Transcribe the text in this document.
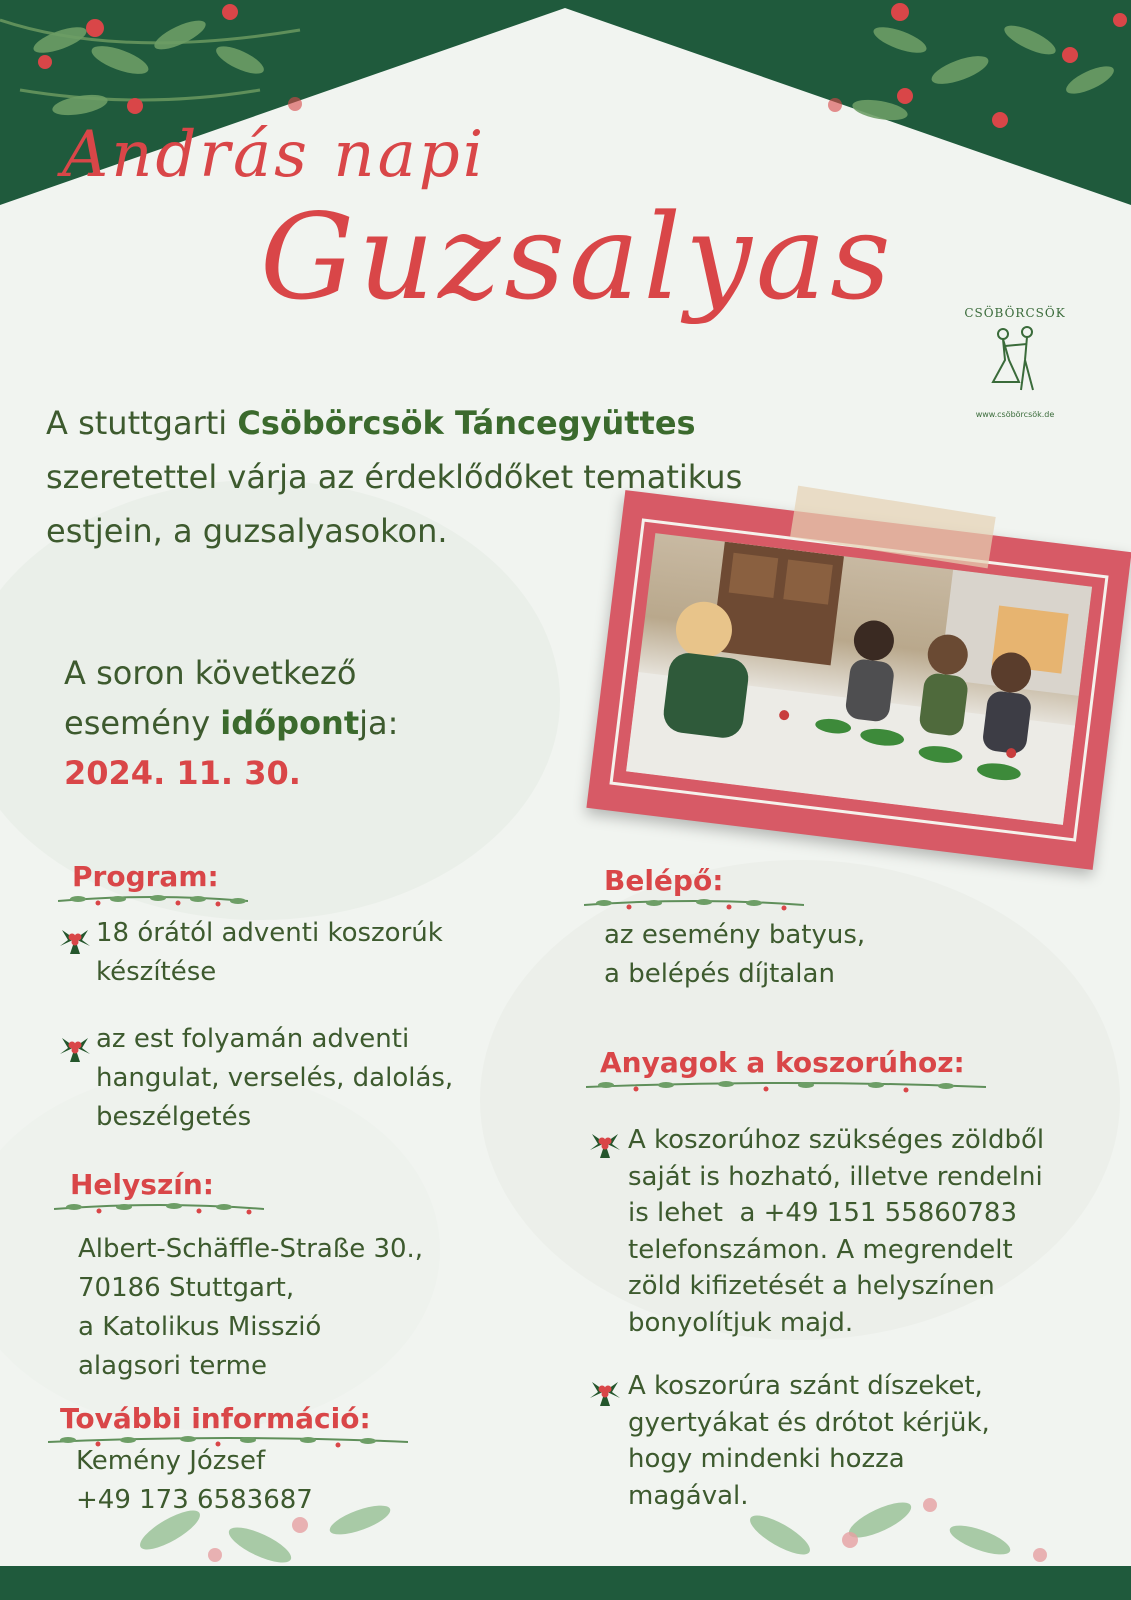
András napi
Guzsalyas	CSÖBÖRCSÖK
www.csöbörcsök.de
A stuttgarti Csöbörcsök Táncegyüttes
szeretettel várja az érdeklődőket tematikus
estjein, a guzsalyasokon.
A soron következő
esemény időpontja:
2024. 11. 30.
Program:
18 órától adventi koszorúk
készítése
az est folyamán adventi
hangulat, verselés, dalolás,
beszélgetés
Helyszín:
Albert-Schäffle-Straße 30.,
70186 Stuttgart,
a Katolikus Misszió
alagsori terme
További információ:
Kemény József
+49 173 6583687
Belépő:
az esemény batyus,
a belépés díjtalan
Anyagok a koszorúhoz:
A koszorúhoz szükséges zöldből
saját is hozható, illetve rendelni
is lehet  a +49 151 55860783
telefonszámon. A megrendelt
zöld kifizetését a helyszínen
bonyolítjuk majd.
A koszorúra szánt díszeket,
gyertyákat és drótot kérjük,
hogy mindenki hozza
magával.
